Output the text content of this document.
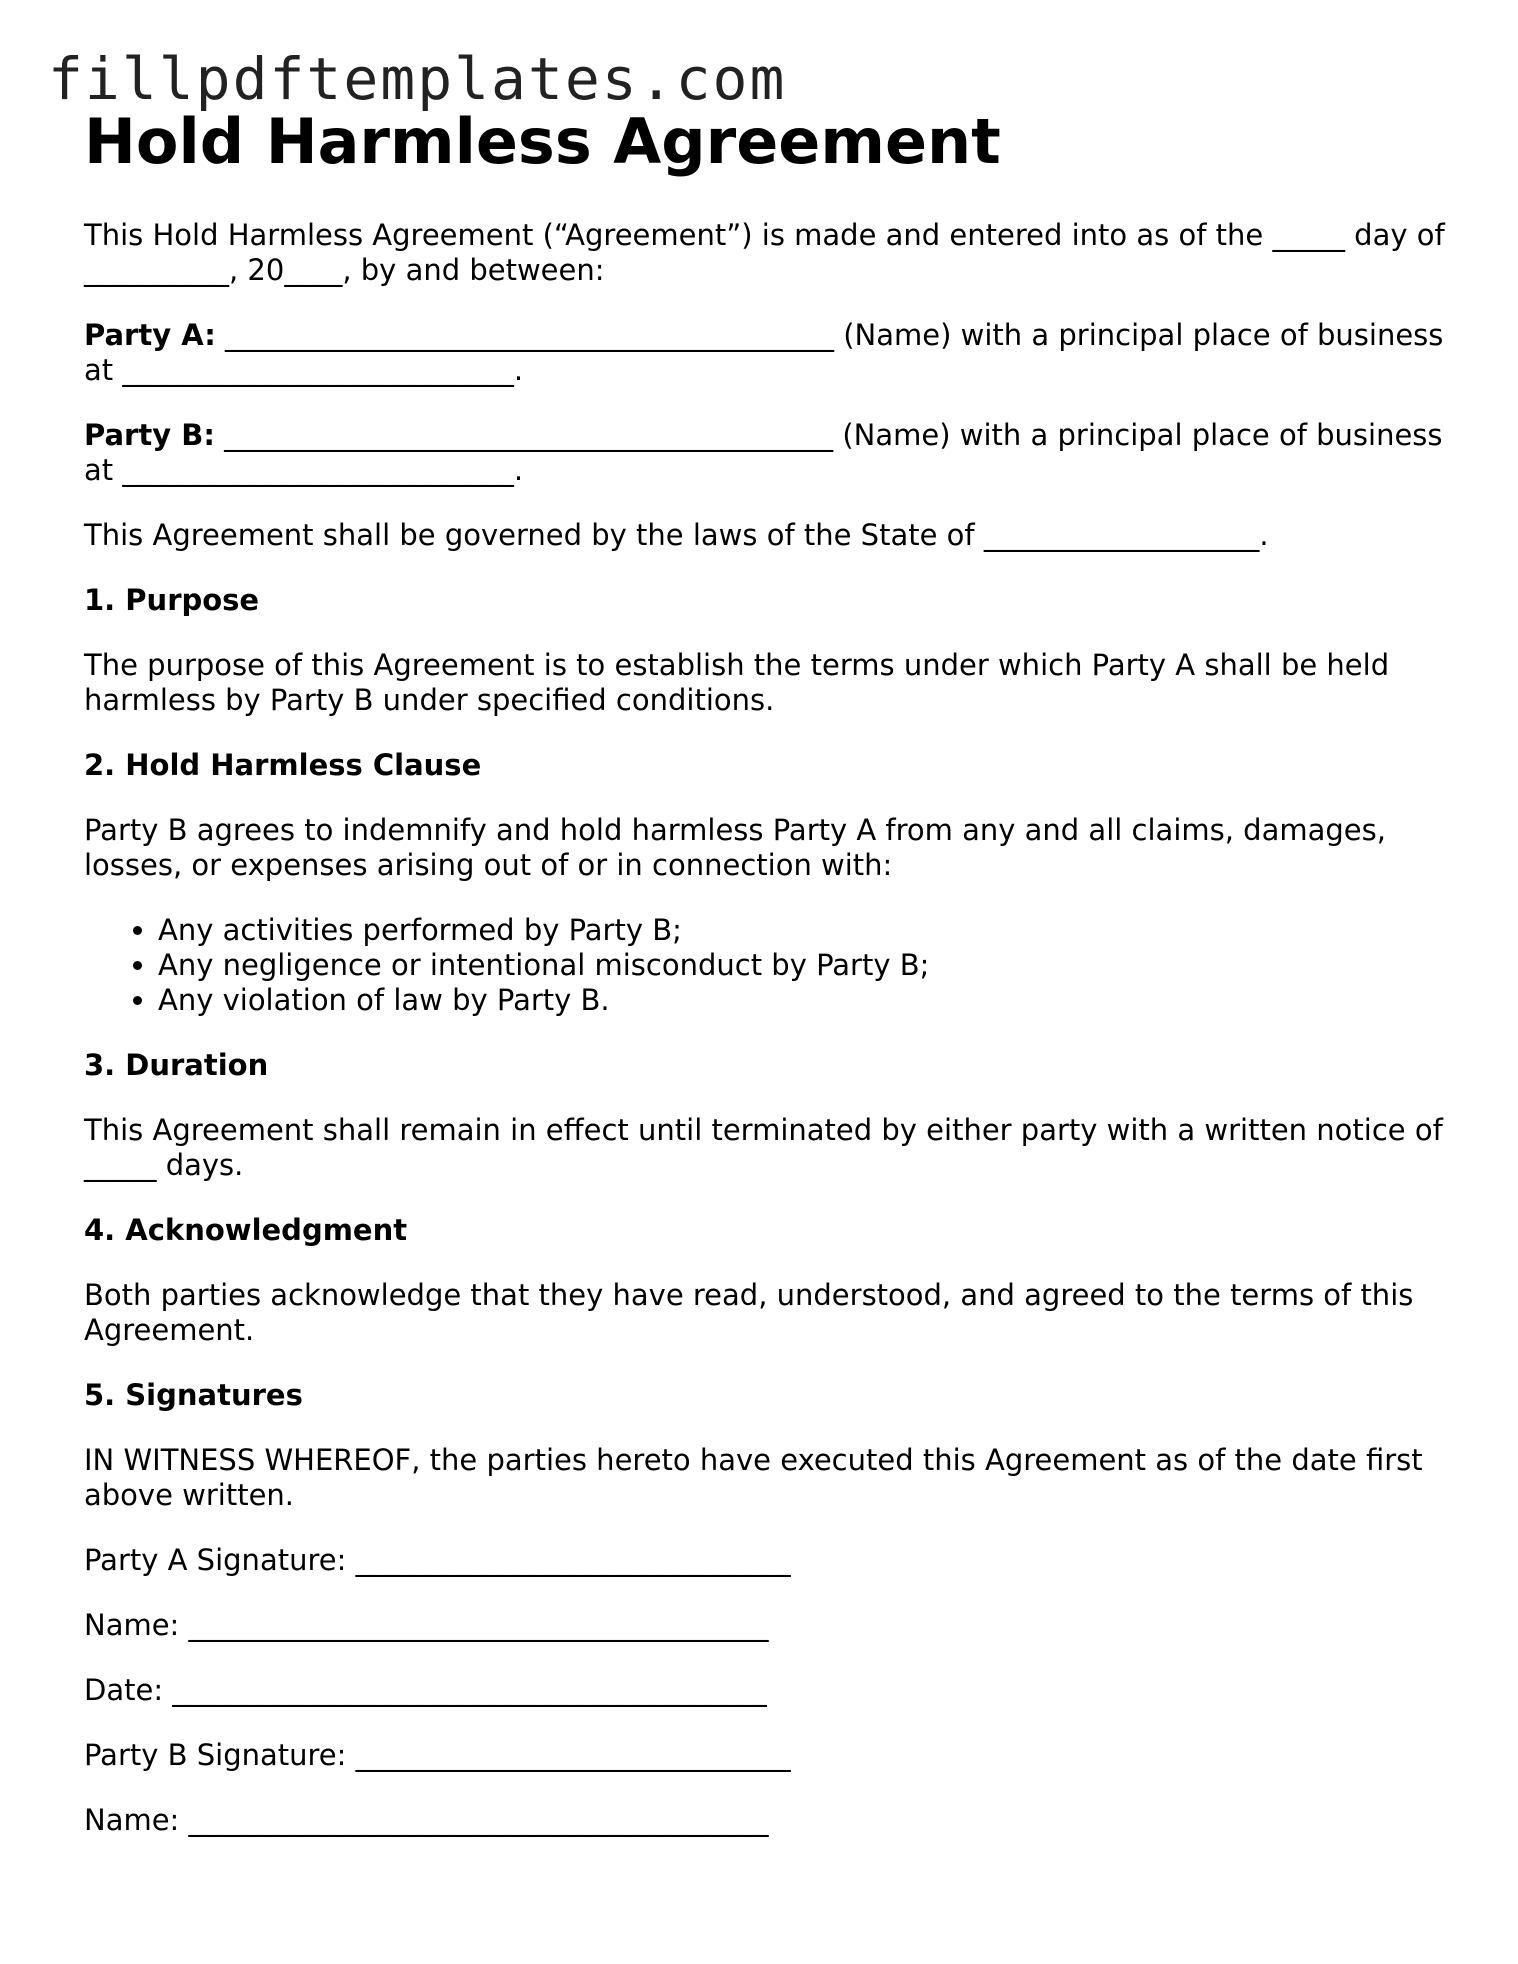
fillpdftemplates.com
Hold Harmless Agreement

This Hold Harmless Agreement (“Agreement”) is made and entered into as of the _____ day of __________, 20____, by and between:

Party A: __________________________________________ (Name) with a principal place of business at ___________________________.

Party B: __________________________________________ (Name) with a principal place of business at ___________________________.

This Agreement shall be governed by the laws of the State of ___________________.

1. Purpose

The purpose of this Agreement is to establish the terms under which Party A shall be held harmless by Party B under specified conditions.

2. Hold Harmless Clause

Party B agrees to indemnify and hold harmless Party A from any and all claims, damages, losses, or expenses arising out of or in connection with:

• Any activities performed by Party B;
• Any negligence or intentional misconduct by Party B;
• Any violation of law by Party B.
3. Duration

This Agreement shall remain in effect until terminated by either party with a written notice of _____ days.

4. Acknowledgment

Both parties acknowledge that they have read, understood, and agreed to the terms of this Agreement.

5. Signatures

IN WITNESS WHEREOF, the parties hereto have executed this Agreement as of the date first above written.

Party A Signature: ______________________________

Name: ________________________________________

Date: _________________________________________

Party B Signature: ______________________________

Name: ________________________________________
